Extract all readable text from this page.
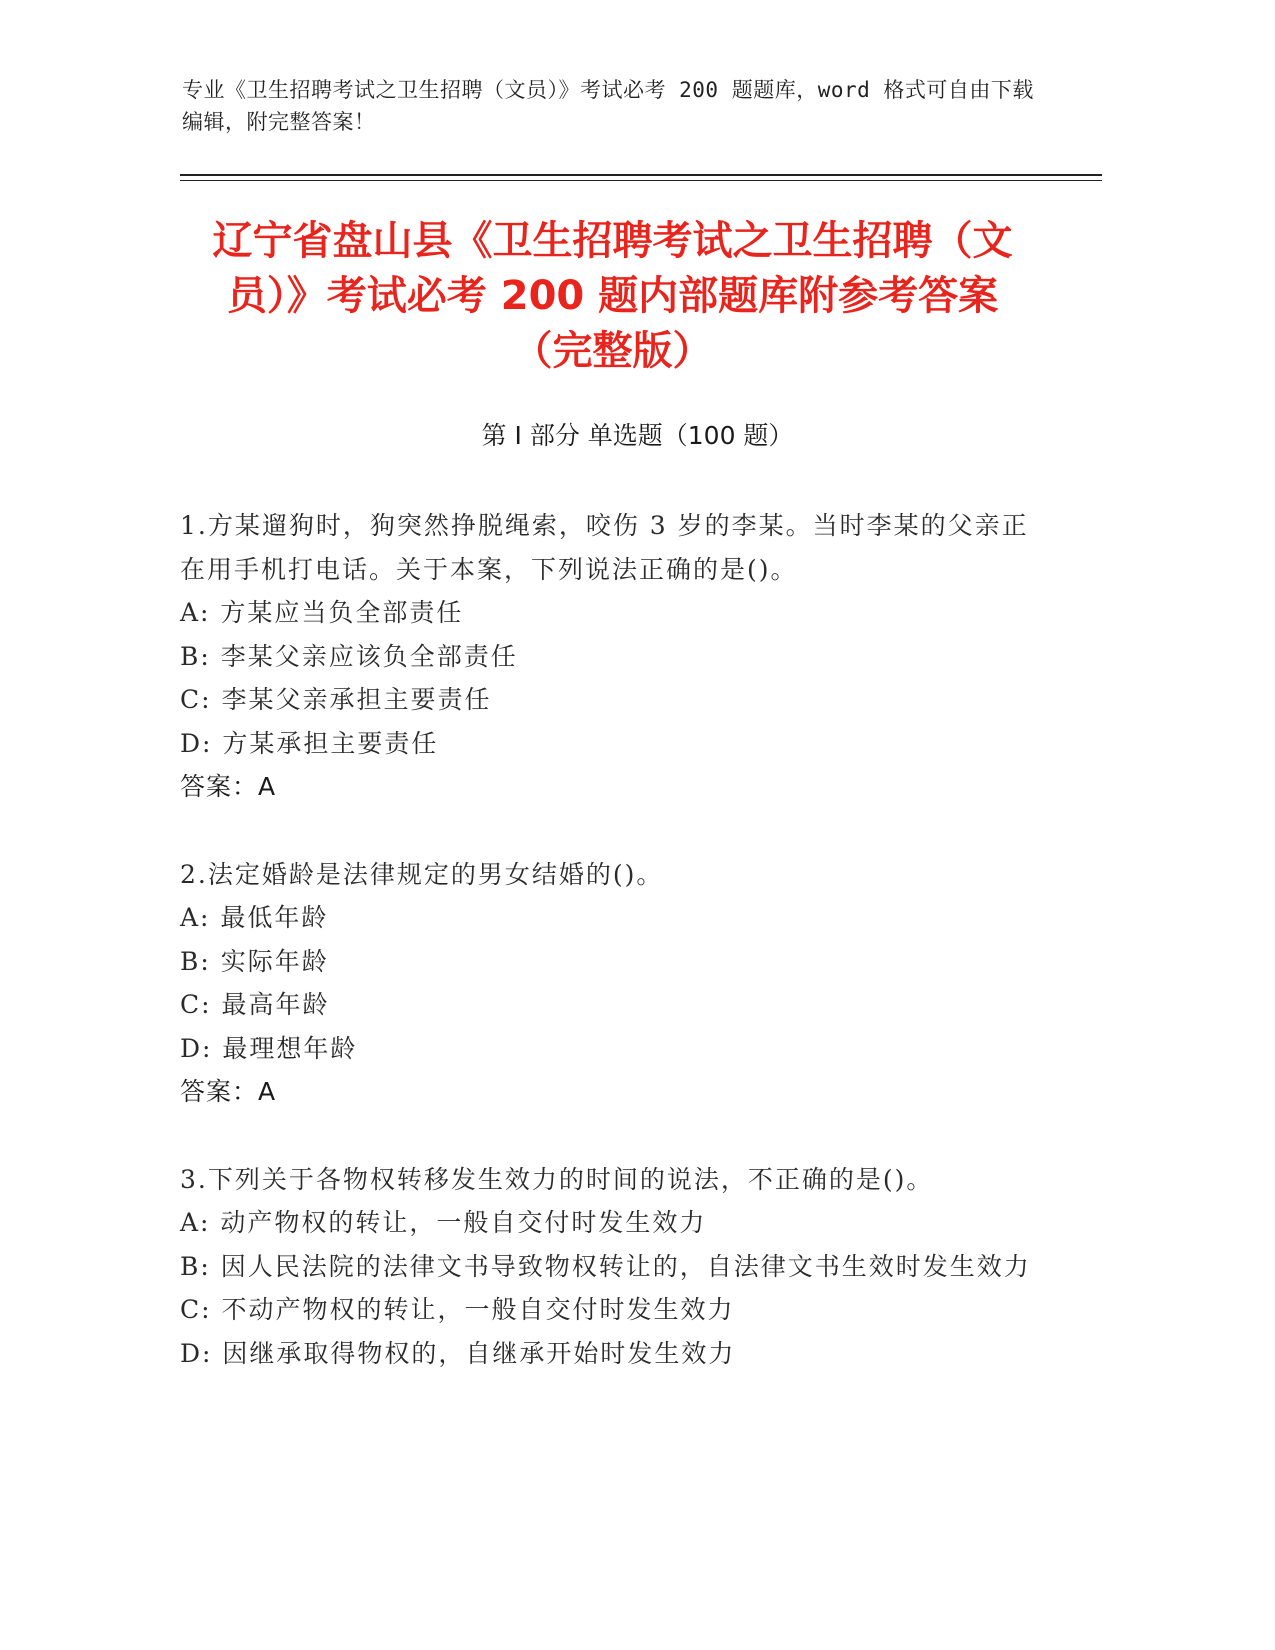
专业《卫生招聘考试之卫生招聘（文员）》考试必考 200 题题库，word 格式可自由下载编辑，附完整答案！
辽宁省盘山县《卫生招聘考试之卫生招聘（文员）》考试必考 200 题内部题库附参考答案（完整版）
第 I 部分 单选题（100 题）

1.方某遛狗时，狗突然挣脱绳索，咬伤 3 岁的李某。当时李某的父亲正在用手机打电话。关于本案，下列说法正确的是()。

A: 方某应当负全部责任

B: 李某父亲应该负全部责任

C: 李某父亲承担主要责任

D: 方某承担主要责任

答案：A

2.法定婚龄是法律规定的男女结婚的()。

A: 最低年龄

B: 实际年龄

C: 最高年龄

D: 最理想年龄

答案：A

3.下列关于各物权转移发生效力的时间的说法，不正确的是()。

A: 动产物权的转让，一般自交付时发生效力

B: 因人民法院的法律文书导致物权转让的，自法律文书生效时发生效力

C: 不动产物权的转让，一般自交付时发生效力

D: 因继承取得物权的，自继承开始时发生效力
